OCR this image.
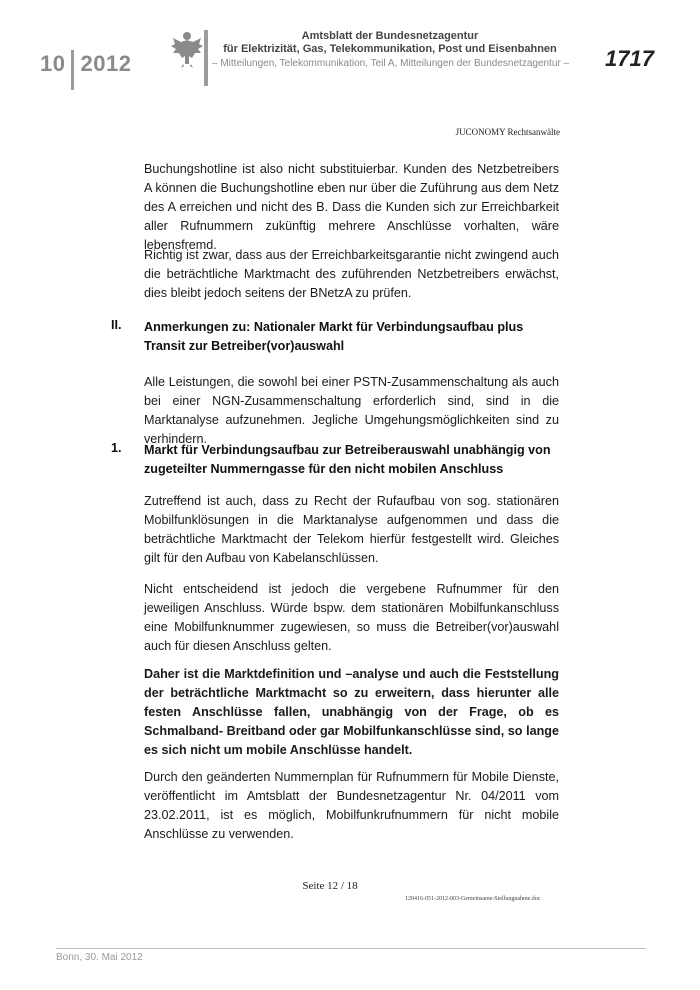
10 2012
Amtsblatt der Bundesnetzagentur
für Elektrizität, Gas, Telekommunikation, Post und Eisenbahnen
– Mitteilungen, Telekommunikation, Teil A, Mitteilungen der Bundesnetzagentur –	1717
JUCONOMY Rechtsanwälte
Buchungshotline ist also nicht substituierbar. Kunden des Netzbetreibers A können die Buchungshotline eben nur über die Zuführung aus dem Netz des A erreichen und nicht des B. Dass die Kunden sich zur Erreichbarkeit aller Rufnummern zukünftig mehrere Anschlüsse vorhalten, wäre lebensfremd.
Richtig ist zwar, dass aus der Erreichbarkeitsgarantie nicht zwingend auch die beträchtliche Marktmacht des zuführenden Netzbetreibers erwächst, dies bleibt jedoch seitens der BNetzA zu prüfen.
II. Anmerkungen zu: Nationaler Markt für Verbindungsaufbau plus Transit zur Betreiber(vor)auswahl
Alle Leistungen, die sowohl bei einer PSTN-Zusammenschaltung als auch bei einer NGN-Zusammenschaltung erforderlich sind, sind in die Marktanalyse aufzunehmen. Jegliche Umgehungsmöglichkeiten sind zu verhindern.
1. Markt für Verbindungsaufbau zur Betreiberauswahl unabhängig von zugeteilter Nummerngasse für den nicht mobilen Anschluss
Zutreffend ist auch, dass zu Recht der Rufaufbau von sog. stationären Mobilfunklösungen in die Marktanalyse aufgenommen und dass die beträchtliche Marktmacht der Telekom hierfür festgestellt wird. Gleiches gilt für den Aufbau von Kabelanschlüssen.
Nicht entscheidend ist jedoch die vergebene Rufnummer für den jeweiligen Anschluss. Würde bspw. dem stationären Mobilfunkanschluss eine Mobilfunknummer zugewiesen, so muss die Betreiber(vor)auswahl auch für diesen Anschluss gelten.
Daher ist die Marktdefinition und –analyse und auch die Feststellung der beträchtliche Marktmacht so zu erweitern, dass hierunter alle festen Anschlüsse fallen, unabhängig von der Frage, ob es Schmalband- Breitband oder gar Mobilfunkanschlüsse sind, so lange es sich nicht um mobile Anschlüsse handelt.
Durch den geänderten Nummernplan für Rufnummern für Mobile Dienste, veröffentlicht im Amtsblatt der Bundesnetzagentur Nr. 04/2011 vom 23.02.2011, ist es möglich, Mobilfunkrufnummern für nicht mobile Anschlüsse zu verwenden.
Seite 12 / 18
120416-051-2012-003-Gemeinsame-Stellungnahme.doc
Bonn, 30. Mai 2012
